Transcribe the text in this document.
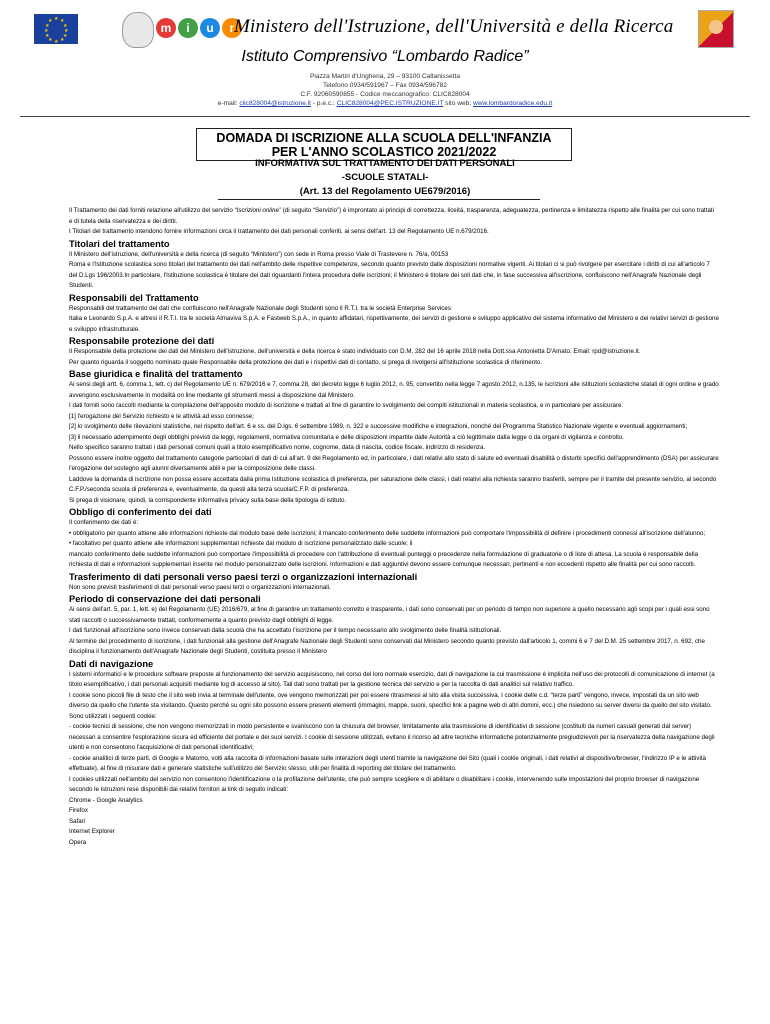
★ ★
★
★
★
★
★
★
★
★
★
★	m	i	u	r Ministero dell'Istruzione, dell'Università e della Ricerca
Istituto Comprensivo “Lombardo Radice”
Piazza Martiri d'Ungheria, 29 – 93100 Caltanissetta
Telefono 0934/591967 – Fax 0934/596782
C.F. 92060590855 - Codice meccanografico: CLIC828004
e-mail: clic828004@istruzione.it - p.e.c.: CLIC828004@PEC.ISTRUZIONE.IT sito web: www.lombardoradice.edu.it
DOMADA DI ISCRIZIONE ALLA SCUOLA DELL'INFANZIA
PER L'ANNO SCOLASTICO 2021/2022
INFORMATIVA SUL TRATTAMENTO DEI DATI PERSONALI
-SCUOLE STATALI-
(Art. 13 del Regolamento UE679/2016)

Il Trattamento dei dati forniti relazione all'utilizzo del servizio “Iscrizioni online” (di seguito “Servizio”) è improntato ai principi di correttezza, liceità, trasparenza, adeguatezza, pertinenza e limitatezza rispetto alle finalità per cui sono trattati e di tutela della riservatezza e dei diritti.

I Titolari del trattamento intendono fornire informazioni circa il trattamento dei dati personali conferiti, ai sensi dell'art. 13 del Regolamento UE n.679/2016.

Titolari del trattamento

Il Ministero dell'istruzione, dell'università e della ricerca (di seguito “Ministero”) con sede in Roma presso Viale di Trastevere n. 76/a, 00153

Roma e l'Istituzione scolastica sono titolari del trattamento dei dati nell'ambito delle rispettive competenze, secondo quanto previsto dalle disposizioni normative vigenti. Ai titolari ci si può rivolgere per esercitare i diritti di cui all'articolo 7 del D.Lgs 196/2003.In particolare, l'Istituzione scolastica è titolare dei dati riguardanti l'intera procedura delle iscrizioni; il Ministero è titolare dei soli dati che, in fase successiva all'iscrizione, confluiscono nell'Anagrafe Nazionale degli Studenti.

Responsabili del Trattamento

Responsabili del trattamento dei dati che confluiscono nell'Anagrafe Nazionale degli Studenti sono il R.T.I. tra le società Enterprise Services

Italia e Leonardo S.p.A. e altresì il R.T.I. tra le società Almaviva S.p.A. e Fastweb S.p.A., in quanto affidatari, rispettivamente, dei servizi di gestione e sviluppo applicativo del sistema informativo del Ministero e dei relativi servizi di gestione e sviluppo infrastrutturale.

Responsabile protezione dei dati

Il Responsabile della protezione dei dati del Ministero dell'istruzione, dell'università e della ricerca è stato individuato con D.M. 282 del 16 aprile 2018 nella Dott.ssa Antonietta D'Amato. Email: rpd@istruzione.it.

Per quanto riguarda il soggetto nominato quale Responsabile della protezione dei dati e i rispettivi dati di contatto, si prega di rivolgersi all'Istituzione scolastica di riferimento.

Base giuridica e finalità del trattamento

Ai sensi degli artt. 6, comma 1, lett. c) del Regolamento UE n. 679/2016 e 7, comma 28, del decreto legge 6 luglio 2012, n. 95, convertito nella legge 7 agosto 2012, n.135, le iscrizioni alle istituzioni scolastiche statali di ogni ordine e grado avvengono esclusivamente in modalità on line mediante gli strumenti messi a disposizione dal Ministero.

I dati forniti sono raccolti mediante la compilazione dell'apposito modulo di iscrizione e trattati al fine di garantire lo svolgimento dei compiti istituzionali in materia scolastica, e in particolare per assicurare:

[1] l'erogazione del Servizio richiesto e le attività ad esso connesse;

[2] lo svolgimento delle rilevazioni statistiche, nel rispetto dell'art. 6 e ss. del D.lgs. 6 settembre 1989, n. 322 e successive modifiche e integrazioni, nonché del Programma Statistico Nazionale vigente e eventuali aggiornamenti;

[3] il necessario adempimento degli obblighi previsti da leggi, regolamenti, normativa comunitaria e delle disposizioni impartite dalle Autorità a ciò legittimate dalla legge o da organi di vigilanza e controllo.

Nello specifico saranno trattati i dati personali comuni quali a titolo esemplificativo nome, cognome, data di nascita, codice fiscale, indirizzo di residenza.

Possono essere inoltre oggetto del trattamento categorie particolari di dati di cui all'art. 9 del Regolamento ed, in particolare, i dati relativi allo stato di salute ed eventuali disabilità o disturbi specifici dell'apprendimento (DSA) per assicurare l'erogazione del sostegno agli alunni diversamente abili e per la composizione delle classi.

Laddove la domanda di iscrizione non possa essere accettata dalla prima Istituzione scolastica di preferenza, per saturazione delle classi, i dati relativi alla richiesta saranno trasferiti, sempre per il tramite del presente servizio, al secondo C.F.P./seconda scuola di preferenza e, eventualmente, da questi alla terza scuola/C.F.P. di preferenza.

Si prega di visionare, quindi, la corrispondente informativa privacy sulla base della tipologia di istituto.

Obbligo di conferimento dei dati

Il conferimento dei dati è:

• obbligatorio per quanto attiene alle informazioni richieste dal modulo base delle iscrizioni; il mancato conferimento delle suddette informazioni può comportare l'impossibilità di definire i procedimenti connessi all'iscrizione dell'alunno;

• facoltativo per quanto attiene alle informazioni supplementari richieste dal modulo di iscrizione personalizzato dalle scuole; il

mancato conferimento delle suddette informazioni può comportare l'impossibilità di procedere con l'attribuzione di eventuali punteggi o precedenze nella formulazione di graduatorie o di liste di attesa. La scuola è responsabile della richiesta di dati e informazioni supplementari inserite nel modulo personalizzato delle iscrizioni. Informazioni e dati aggiuntivi devono essere comunque necessari, pertinenti e non eccedenti rispetto alle finalità per cui sono raccolti.

Trasferimento di dati personali verso paesi terzi o organizzazioni internazionali

Non sono previsti trasferimenti di dati personali verso paesi terzi o organizzazioni internazionali.

Periodo di conservazione dei dati personali

Ai sensi dell'art. 5, par. 1, lett. e) del Regolamento (UE) 2016/679, al fine di garantire un trattamento corretto e trasparente, i dati sono conservati per un periodo di tempo non superiore a quello necessario agli scopi per i quali essi sono stati raccolti o successivamente trattati, conformemente a quanto previsto dagli obblighi di legge.

I dati funzionali all'iscrizione sono invece conservati dalla scuola che ha accettato l'iscrizione per il tempo necessario allo svolgimento delle finalità istituzionali.

Al termine del procedimento di iscrizione, i dati funzionali alla gestione dell'Anagrafe Nazionale degli Studenti sono conservati dal Ministero secondo quanto previsto dall'articolo 1, commi 6 e 7 del D.M. 25 settembre 2017, n. 692, che disciplina il funzionamento dell'Anagrafe Nazionale degli Studenti, costituita presso il Ministero

Dati di navigazione

I sistemi informatici e le procedure software preposte al funzionamento del servizio acquisiscono, nel corso del loro normale esercizio, dati di navigazione la cui trasmissione è implicita nell'uso dei protocolli di comunicazione di internet (a titolo esemplificativo, i dati personali acquisiti mediante log di accesso al sito). Tali dati sono trattati per la gestione tecnica del servizio e per la raccolta di dati analitici sul relativo traffico.

I cookie sono piccoli file di testo che il sito web invia al terminale dell'utente, ove vengono memorizzati per poi essere ritrasmessi al sito alla visita successiva. I cookie delle c.d. “terze parti” vengono, invece, impostati da un sito web diverso da quello che l'utente sta visitando. Questo perché su ogni sito possono essere presenti elementi (immagini, mappe, suoni, specifici link a pagine web di altri domini, ecc.) che risiedono su server diversi da quello del sito visitato.

Sono utilizzati i seguenti cookie:

- cookie tecnici di sessione, che non vengono memorizzati in modo persistente e svaniscono con la chiusura del browser, limitatamente alla trasmissione di identificativi di sessione (costituiti da numeri casuali generati dal server) necessari a consentire l'esplorazione sicura ed efficiente del portale e dei suoi servizi. I cookie di sessione utilizzati, evitano il ricorso ad altre tecniche informatiche potenzialmente pregiudizievoli per la riservatezza della navigazione degli utenti e non consentono l'acquisizione di dati personali identificativi;

- cookie analitici di terze parti, di Google e Matomo, volti alla raccolta di informazioni basate sulle interazioni degli utenti tramite la navigazione del Sito (quali i cookie originali, i dati relativi al dispositivo/browser, l'indirizzo IP e le attività effettuate), al fine di misurare dati e generare statistiche sull'utilizzo del Servizio stesso, utili per finalità di reporting del titolare del trattamento.

I cookies utilizzati nell'ambito del servizio non consentono l'identificazione o la profilazione dell'utente, che può sempre scegliere e di abilitare o disabilitare i cookie, intervenendo sulle impostazioni del proprio browser di navigazione secondo le istruzioni rese disponibili dai relativi fornitori ai link di seguito indicati:

Chrome - Google Analytics

Firefox

Safari

Internet Explorer

Opera
